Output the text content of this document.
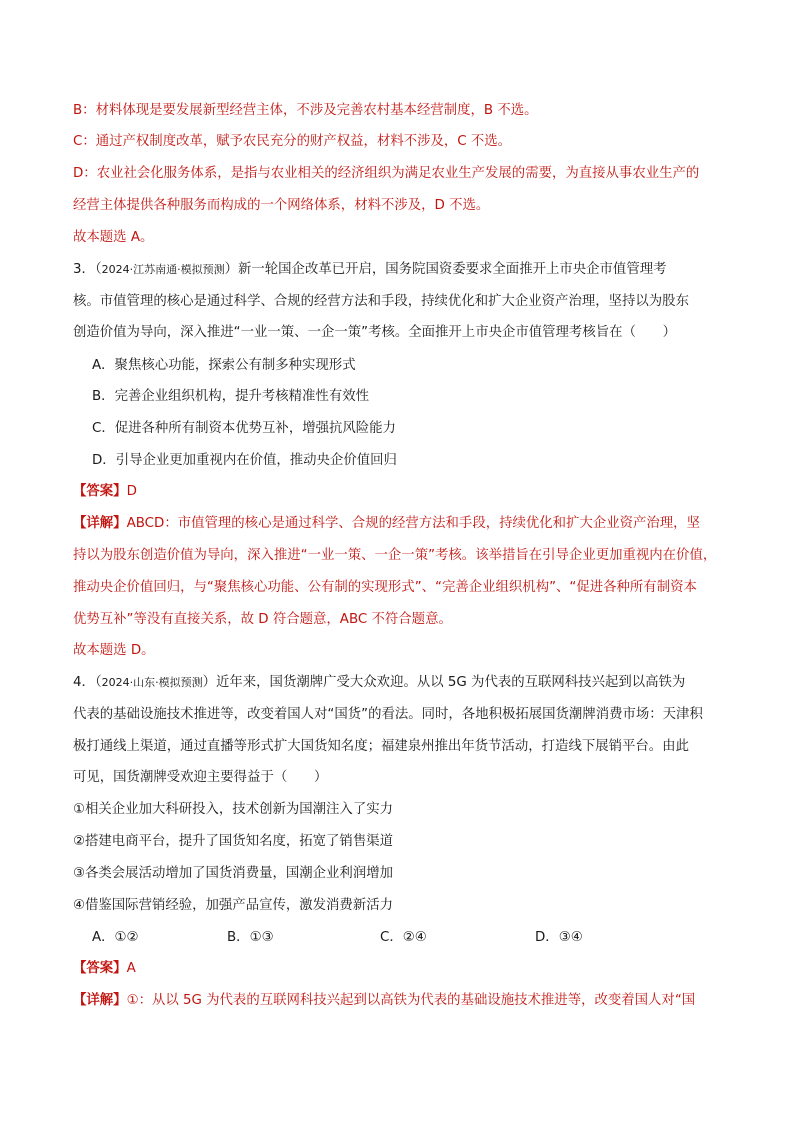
B：材料体现是要发展新型经营主体，不涉及完善农村基本经营制度，B 不选。
C：通过产权制度改革，赋予农民充分的财产权益，材料不涉及，C 不选。
D：农业社会化服务体系，是指与农业相关的经济组织为满足农业生产发展的需要，为直接从事农业生产的
经营主体提供各种服务而构成的一个网络体系，材料不涉及，D 不选。
故本题选 A。
3．（2024·江苏南通·模拟预测）新一轮国企改革已开启，国务院国资委要求全面推开上市央企市值管理考
核。市值管理的核心是通过科学、合规的经营方法和手段，持续优化和扩大企业资产治理，坚持以为股东
创造价值为导向，深入推进“一业一策、一企一策”考核。全面推开上市央企市值管理考核旨在（　　）
A．聚焦核心功能，探索公有制多种实现形式
B．完善企业组织机构，提升考核精准性有效性
C．促进各种所有制资本优势互补，增强抗风险能力
D．引导企业更加重视内在价值，推动央企价值回归
【答案】D
【详解】ABCD：市值管理的核心是通过科学、合规的经营方法和手段，持续优化和扩大企业资产治理，坚
持以为股东创造价值为导向，深入推进“一业一策、一企一策”考核。该举措旨在引导企业更加重视内在价值，
推动央企价值回归，与“聚焦核心功能、公有制的实现形式”、“完善企业组织机构”、“促进各种所有制资本
优势互补”等没有直接关系，故 D 符合题意，ABC 不符合题意。
故本题选 D。
4．（2024·山东·模拟预测）近年来，国货潮牌广受大众欢迎。从以 5G 为代表的互联网科技兴起到以高铁为
代表的基础设施技术推进等，改变着国人对“国货”的看法。同时，各地积极拓展国货潮牌消费市场：天津积
极打通线上渠道，通过直播等形式扩大国货知名度；福建泉州推出年货节活动，打造线下展销平台。由此
可见，国货潮牌受欢迎主要得益于（　　）
①相关企业加大科研投入，技术创新为国潮注入了实力
②搭建电商平台，提升了国货知名度，拓宽了销售渠道
③各类会展活动增加了国货消费量，国潮企业利润增加
④借鉴国际营销经验，加强产品宣传，激发消费新活力
A．①②	B．①③	C．②④	D．③④
【答案】A
【详解】①：从以 5G 为代表的互联网科技兴起到以高铁为代表的基础设施技术推进等，改变着国人对“国
